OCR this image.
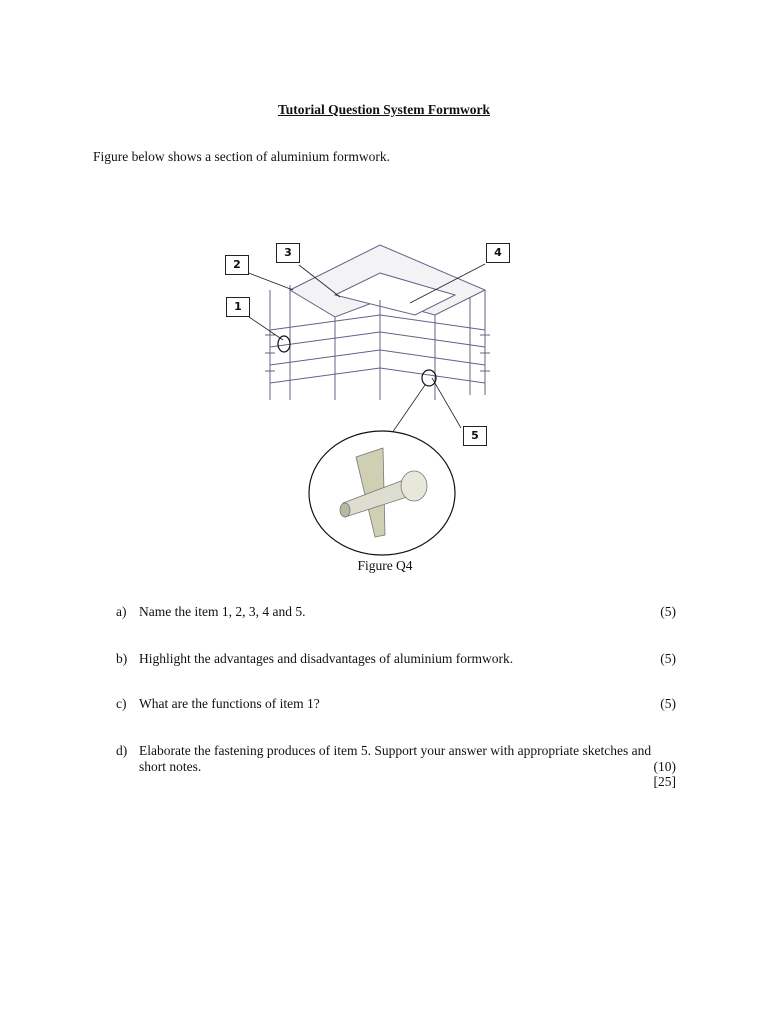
Tutorial Question System Formwork
Figure below shows a section of aluminium formwork.
3	4
2
1
5
Figure Q4
a) Name the item 1, 2, 3, 4 and 5.	(5)
b) Highlight the advantages and disadvantages of aluminium formwork.	(5)
c) What are the functions of item 1?	(5)
d) Elaborate the fastening produces of item 5. Support your answer with appropriate sketches and
short notes.	(10)
[25]
